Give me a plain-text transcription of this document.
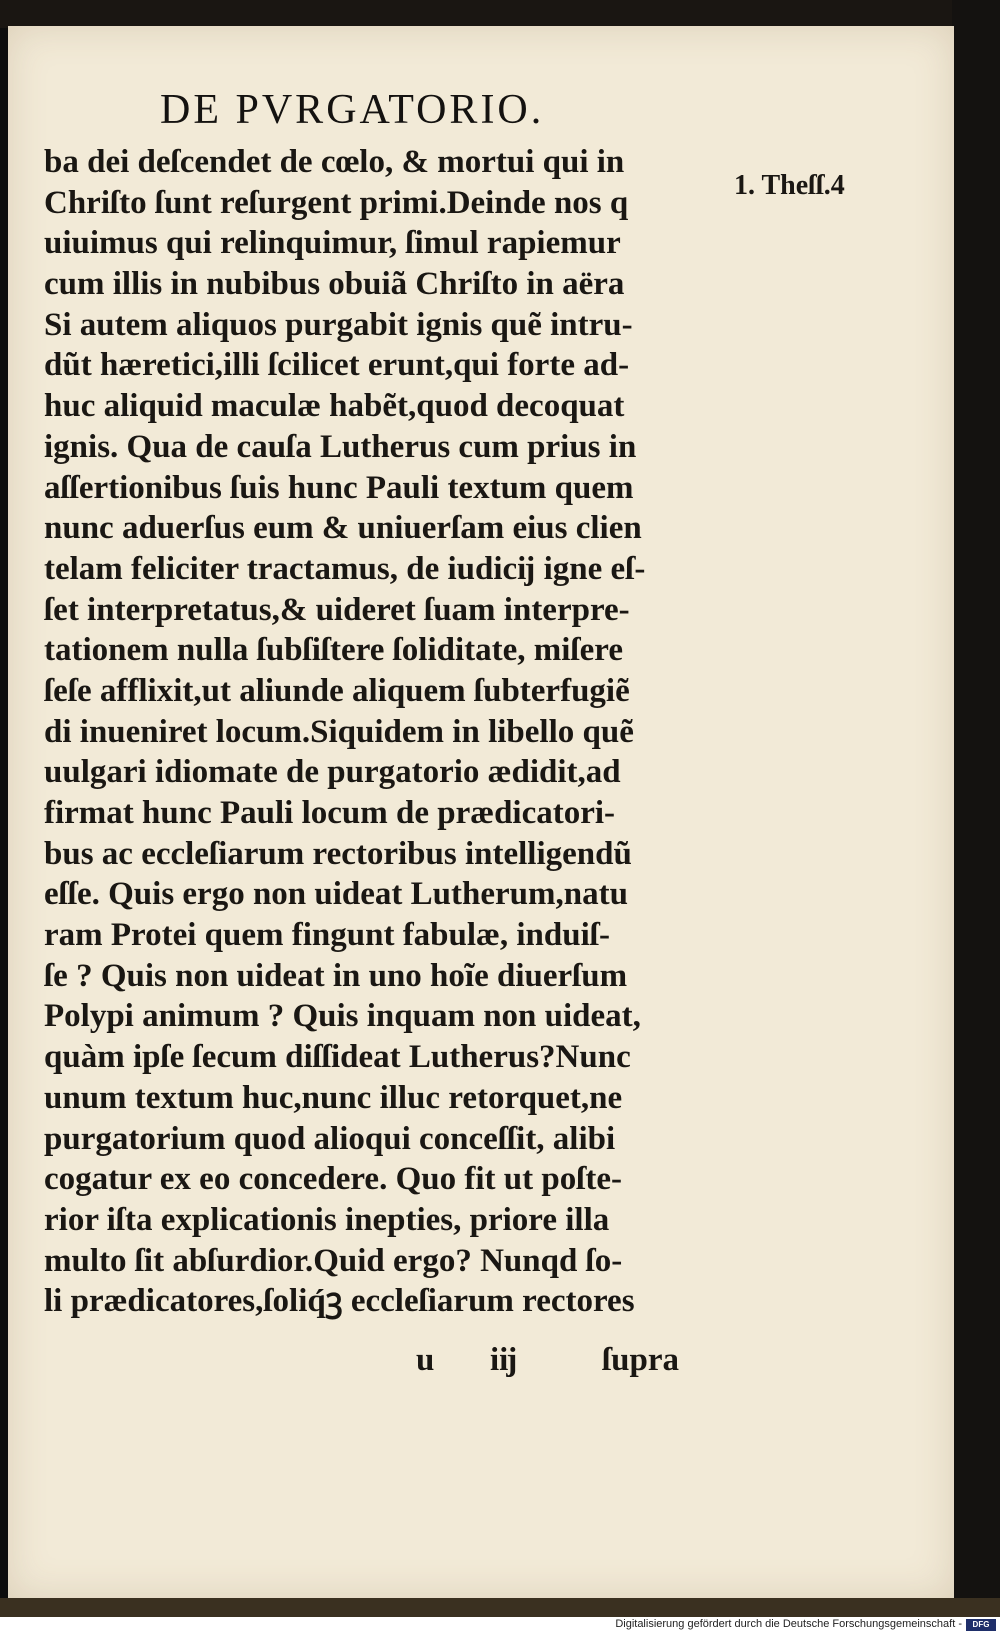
DE PVRGATORIO.
1. Theſſ.4
ba dei deſcendet de cœlo, & mortui qui in
Chriſto ſunt reſurgent primi.Deinde nos q
uiuimus qui relinquimur, ſimul rapiemur
cum illis in nubibus obuiã Chriſto in aëra
Si autem aliquos purgabit ignis quẽ intru-
dũt hæretici,illi ſcilicet erunt,qui forte ad-
huc aliquid maculæ habẽt,quod decoquat
ignis. Qua de cauſa Lutherus cum prius in
aſſertionibus ſuis hunc Pauli textum quem
nunc aduerſus eum & uniuerſam eius clien
telam feliciter tractamus, de iudicĳ igne eſ-
ſet interpretatus,& uideret ſuam interpre-
tationem nulla ſubſiſtere ſoliditate, miſere
ſeſe afflixit,ut aliunde aliquem ſubterfugiẽ
di inueniret locum.Siquidem in libello quẽ
uulgari idiomate de purgatorio ædidit,ad
firmat hunc Pauli locum de prædicatori-
bus ac eccleſiarum rectoribus intelligendũ
eſſe. Quis ergo non uideat Lutherum,natu
ram Protei quem fingunt fabulæ, induiſ-
ſe ? Quis non uideat in uno hoĩe diuerſum
Polypi animum ? Quis inquam non uideat,
quàm ipſe ſecum diſſideat Lutherus?Nunc
unum textum huc,nunc illuc retorquet,ne
purgatorium quod alioqui conceſſit, alibi
cogatur ex eo concedere. Quo fit ut poſte-
rior iſta explicationis inepties, priore illa
multo ſit abſurdior.Quid ergo? Nunqd ſo-
li prædicatores,ſoliq́ꝫ eccleſiarum rectores
u iĳ	ſupra
Digitalisierung gefördert durch die Deutsche Forschungsgemeinschaft -	DFG
